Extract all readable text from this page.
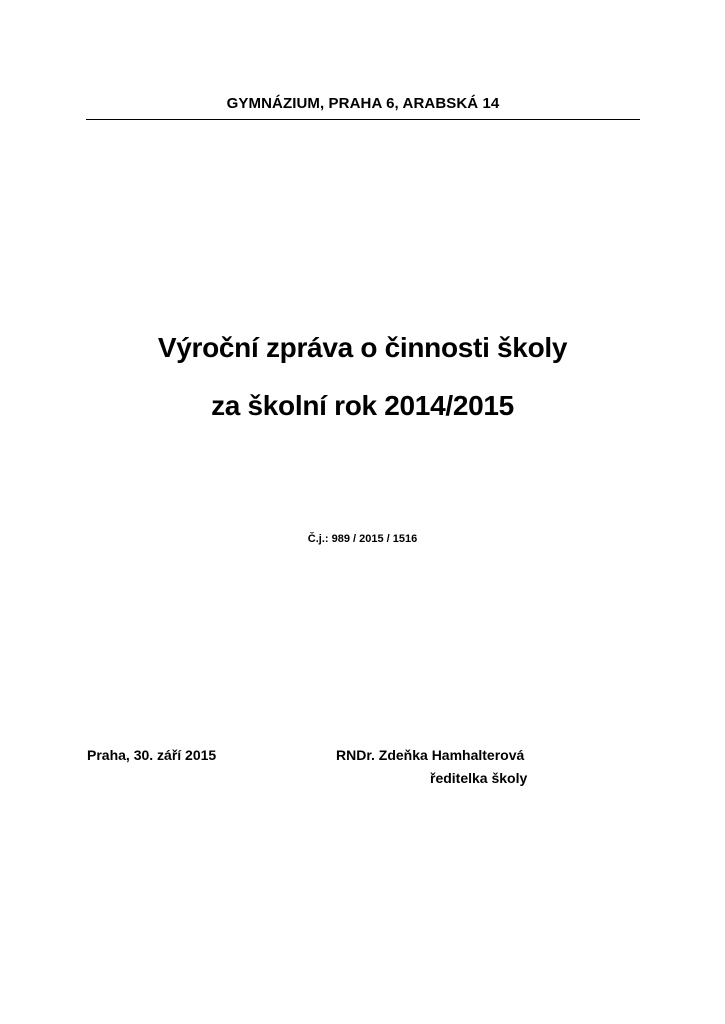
GYMNÁZIUM, PRAHA 6, ARABSKÁ 14
Výroční zpráva o činnosti školy
za školní rok 2014/2015
Č.j.: 989 / 2015 / 1516
Praha, 30. září 2015	RNDr. Zdeňka Hamhalterová
ředitelka školy
